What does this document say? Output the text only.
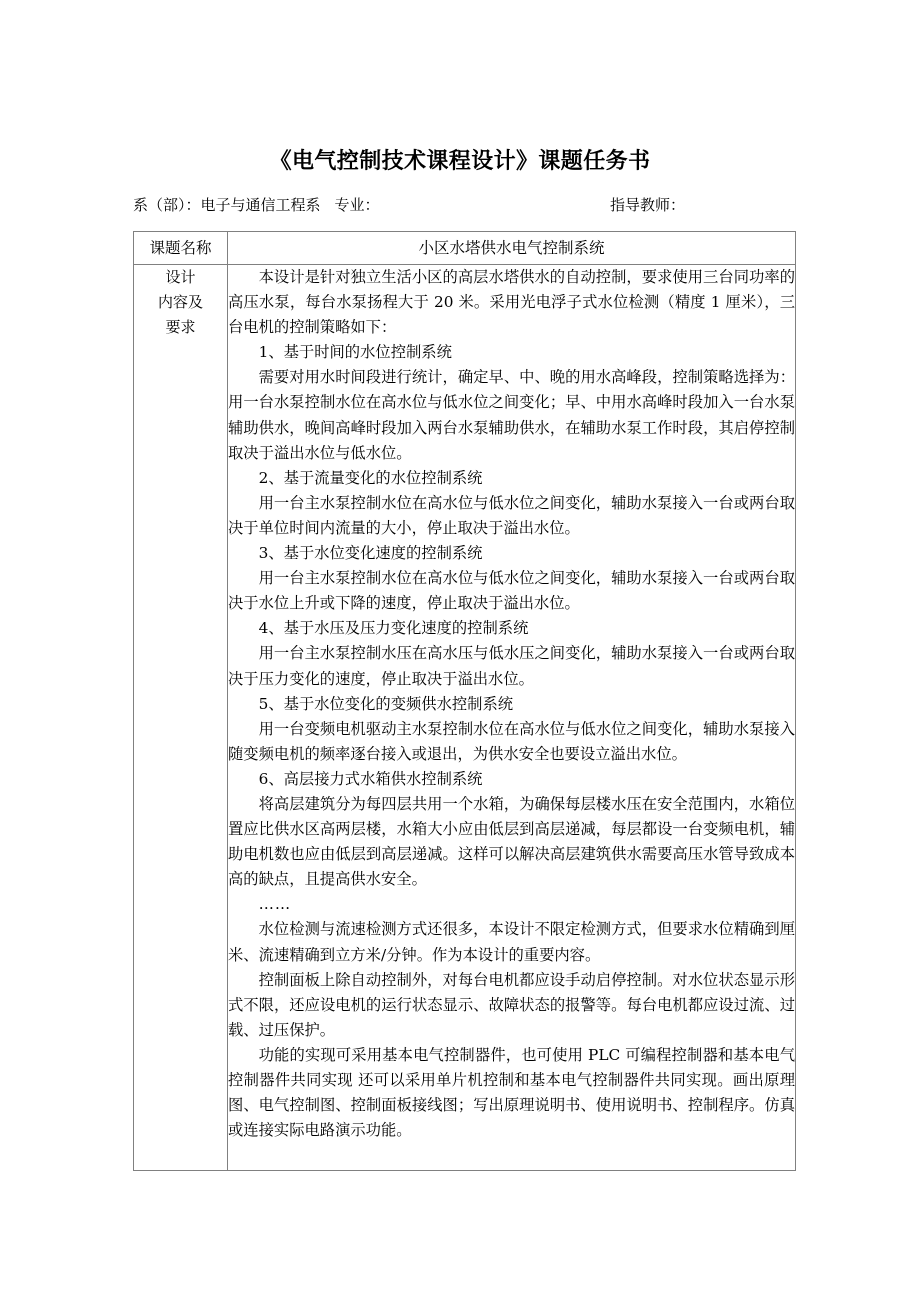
《电气控制技术课程设计》课题任务书
系（部）：电子与通信工程系 专业：	指导教师：
课题名称	小区水塔供水电气控制系统

设计
内容及
要求

本设计是针对独立生活小区的高层水塔供水的自动控制，要求使用三台同功率的高压水泵，每台水泵扬程大于 20 米。采用光电浮子式水位检测（精度 1 厘米），三台电机的控制策略如下：

1、基于时间的水位控制系统

需要对用水时间段进行统计，确定早、中、晚的用水高峰段，控制策略选择为：用一台水泵控制水位在高水位与低水位之间变化；早、中用水高峰时段加入一台水泵辅助供水，晚间高峰时段加入两台水泵辅助供水，在辅助水泵工作时段，其启停控制取决于溢出水位与低水位。

2、基于流量变化的水位控制系统

用一台主水泵控制水位在高水位与低水位之间变化，辅助水泵接入一台或两台取决于单位时间内流量的大小，停止取决于溢出水位。

3、基于水位变化速度的控制系统

用一台主水泵控制水位在高水位与低水位之间变化，辅助水泵接入一台或两台取决于水位上升或下降的速度，停止取决于溢出水位。

4、基于水压及压力变化速度的控制系统

用一台主水泵控制水压在高水压与低水压之间变化，辅助水泵接入一台或两台取决于压力变化的速度，停止取决于溢出水位。

5、基于水位变化的变频供水控制系统

用一台变频电机驱动主水泵控制水位在高水位与低水位之间变化，辅助水泵接入随变频电机的频率逐台接入或退出，为供水安全也要设立溢出水位。

6、高层接力式水箱供水控制系统

将高层建筑分为每四层共用一个水箱，为确保每层楼水压在安全范围内，水箱位置应比供水区高两层楼，水箱大小应由低层到高层递减，每层都设一台变频电机，辅助电机数也应由低层到高层递减。这样可以解决高层建筑供水需要高压水管导致成本高的缺点，且提高供水安全。

……

水位检测与流速检测方式还很多，本设计不限定检测方式，但要求水位精确到厘米、流速精确到立方米/分钟。作为本设计的重要内容。

控制面板上除自动控制外，对每台电机都应设手动启停控制。对水位状态显示形式不限，还应设电机的运行状态显示、故障状态的报警等。每台电机都应设过流、过载、过压保护。

功能的实现可采用基本电气控制器件，也可使用 PLC 可编程控制器和基本电气控制器件共同实现 还可以采用单片机控制和基本电气控制器件共同实现。画出原理图、电气控制图、控制面板接线图；写出原理说明书、使用说明书、控制程序。仿真或连接实际电路演示功能。
